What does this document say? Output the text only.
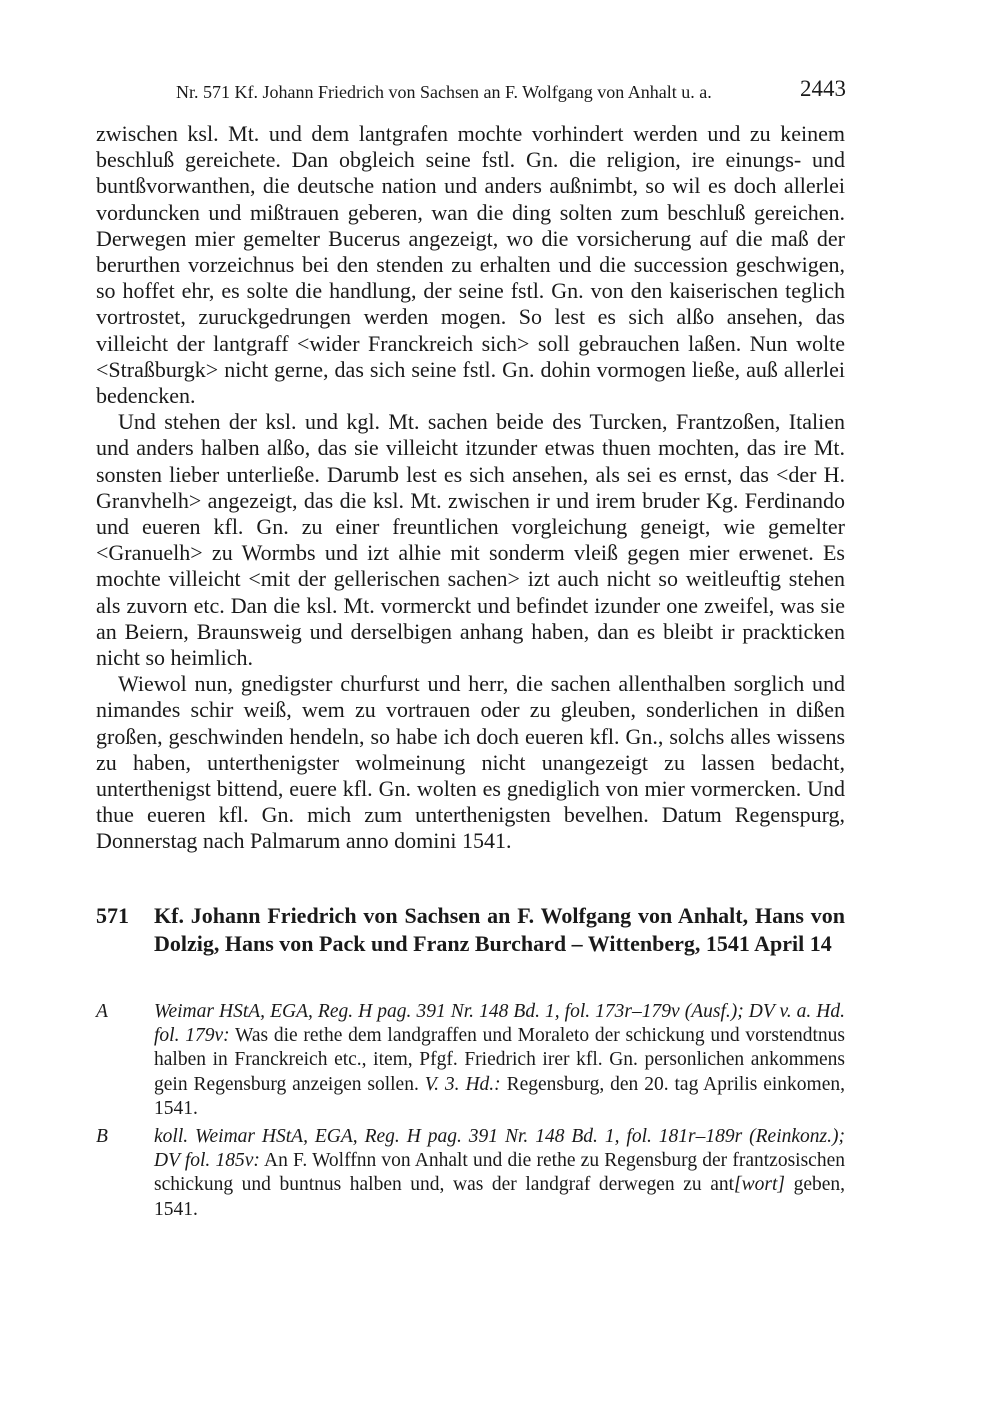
Nr. 571 Kf. Johann Friedrich von Sachsen an F. Wolfgang von Anhalt u. a.	2443

zwischen ksl. Mt. und dem lantgrafen mochte vorhindert werden und zu keinem beschluß gereichete. Dan obgleich seine fstl. Gn. die religion, ire einungs- und buntßvorwanthen, die deutsche nation und anders außnimbt, so wil es doch allerlei vorduncken und mißtrauen geberen, wan die ding solten zum beschluß gereichen. Derwegen mier gemelter Bucerus angezeigt, wo die vorsicherung auf die maß der berurthen vorzeichnus bei den stenden zu erhalten und die succession geschwigen, so hoffet ehr, es solte die handlung, der seine fstl. Gn. von den kaiserischen teglich vortrostet, zuruckgedrungen werden mogen. So lest es sich alßo ansehen, das villeicht der lantgraff <wider Franckreich sich> soll gebrauchen laßen. Nun wolte <Straßburgk> nicht gerne, das sich seine fstl. Gn. dohin vormogen ließe, auß allerlei bedencken.

Und stehen der ksl. und kgl. Mt. sachen beide des Turcken, Frantzoßen, Italien und anders halben alßo, das sie villeicht itzunder etwas thuen mochten, das ire Mt. sonsten lieber unterließe. Darumb lest es sich ansehen, als sei es ernst, das <der H. Granvhelh> angezeigt, das die ksl. Mt. zwischen ir und irem bruder Kg. Ferdinando und eueren kfl. Gn. zu einer freuntlichen vorgleichung geneigt, wie gemelter <Granuelh> zu Wormbs und izt alhie mit sonderm vleiß gegen mier erwenet. Es mochte villeicht <mit der gellerischen sachen> izt auch nicht so weitleuftig stehen als zuvorn etc. Dan die ksl. Mt. vormerckt und befindet izunder one zweifel, was sie an Beiern, Braunsweig und derselbigen anhang haben, dan es bleibt ir prackticken nicht so heimlich.

Wiewol nun, gnedigster churfurst und herr, die sachen allenthalben sorglich und nimandes schir weiß, wem zu vortrauen oder zu gleuben, sonderlichen in dißen großen, geschwinden hendeln, so habe ich doch eueren kfl. Gn., solchs alles wissens zu haben, unterthenigster wolmeinung nicht unangezeigt zu lassen bedacht, unterthenigst bittend, euere kfl. Gn. wolten es gnediglich von mier vormercken. Und thue eueren kfl. Gn. mich zum unterthenigsten bevelhen. Datum Regenspurg, Donnerstag nach Palmarum anno domini 1541.

571 Kf. Johann Friedrich von Sachsen an F. Wolfgang von Anhalt, Hans von Dolzig, Hans von Pack und Franz Burchard – Wittenberg, 1541 April 14
A Weimar HStA, EGA, Reg. H pag. 391 Nr. 148 Bd. 1, fol. 173r–179v (Ausf.); DV v. a. Hd. fol. 179v: Was die rethe dem landgraffen und Moraleto der schickung und vorstendtnus halben in Franckreich etc., item, Pfgf. Friedrich irer kfl. Gn. personlichen ankommens gein Regensburg anzeigen sollen. V. 3. Hd.: Regensburg, den 20. tag Aprilis einkomen, 1541.
B koll. Weimar HStA, EGA, Reg. H pag. 391 Nr. 148 Bd. 1, fol. 181r–189r (Reinkonz.); DV fol. 185v: An F. Wolffnn von Anhalt und die rethe zu Regensburg der frantzosischen schickung und buntnus halben und, was der landgraf derwegen zu ant[wort] geben, 1541.
